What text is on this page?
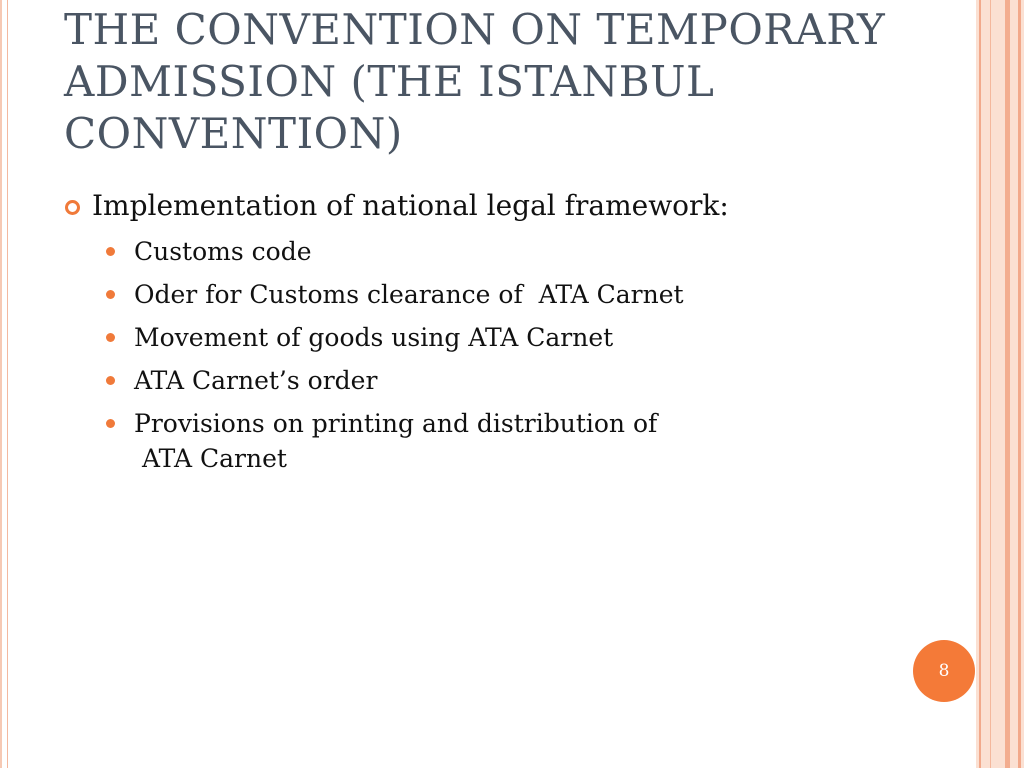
THE CONVENTION ON TEMPORARY ADMISSION (THE ISTANBUL CONVENTION)
Implementation of national legal framework:
Customs code
Oder for Customs clearance of  ATA Carnet
Movement of goods using ATA Carnet
ATA Carnet’s order
Provisions on printing and distribution of
ATA Carnet
8
